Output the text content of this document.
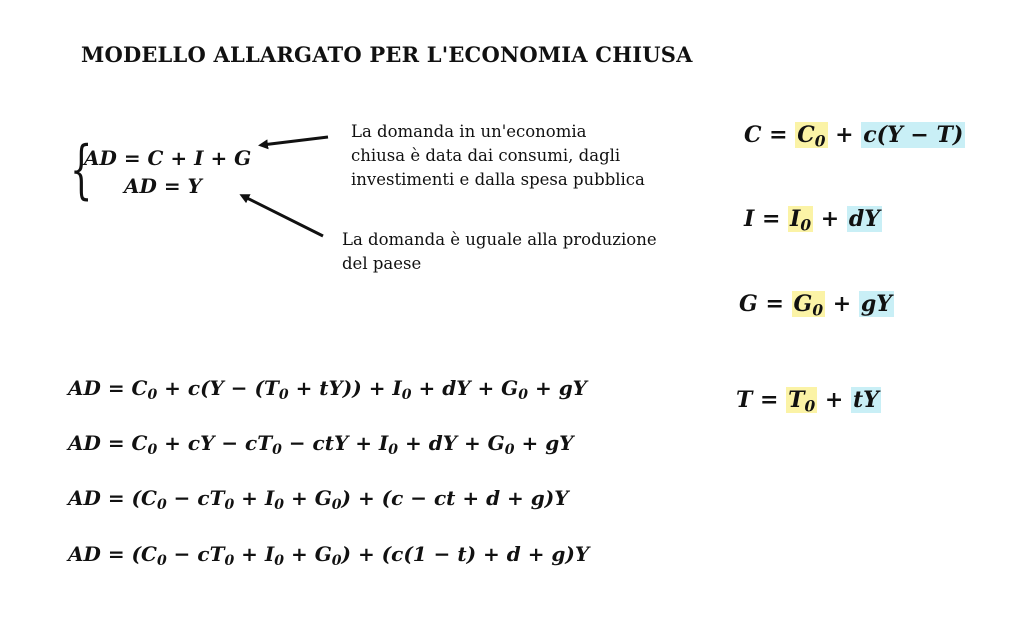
MODELLO ALLARGATO PER L'ECONOMIA CHIUSA
{
AD = C + I + G
AD = Y
La domanda in un'economia
chiusa è data dai consumi, dagli
investimenti e dalla spesa pubblica
La domanda è uguale alla produzione
del paese
$C = C_0 + c(Y - T)$
$I = I_0$ + dY
$G = G_0$ + gY
$T = T_0$ + tY
AD = $C_0 + c(Y - (T_0 + tY)) + I_0$ + dY + $G_0$ + gY
AD = $C_0$ + cY − $cT_0$ − ctY + $I_0$ + dY + $G_0$ + gY
AD = $(C_0 - cT_0 + I_0 + G_0) + (c$ − ct + d + g)Y
AD = $(C_0 - cT_0 + I_0 + G_0) + (c(1 - t) + d + g)Y$
